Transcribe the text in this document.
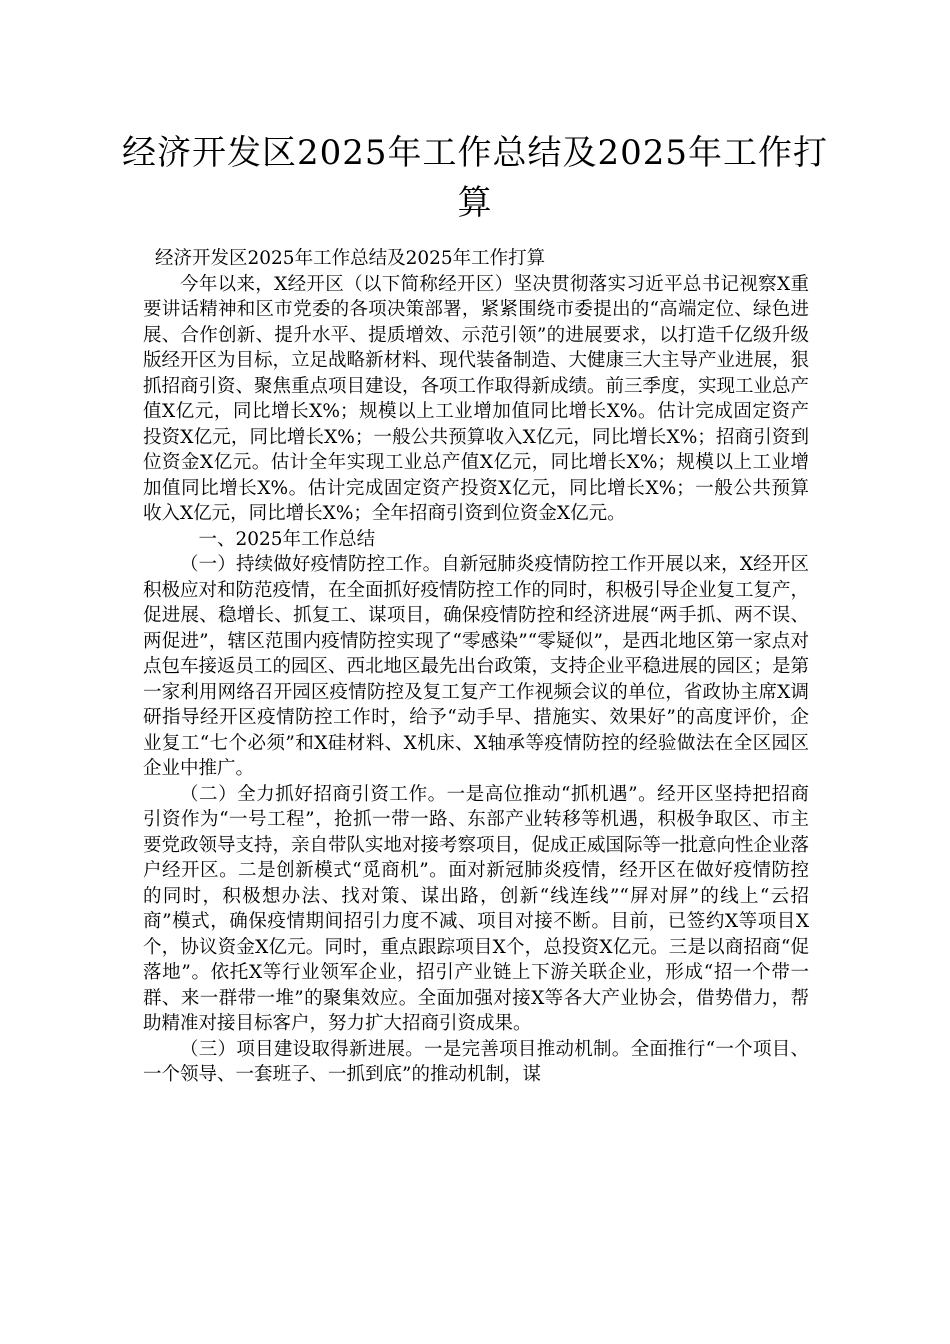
经济开发区2025年工作总结及2025年工作打算

经济开发区2025年工作总结及2025年工作打算

今年以来，X经开区（以下简称经开区）坚决贯彻落实习近平总书记视察X重要讲话精神和区市党委的各项决策部署，紧紧围绕市委提出的“高端定位、绿色进展、合作创新、提升水平、提质增效、示范引领”的进展要求，以打造千亿级升级版经开区为目标，立足战略新材料、现代装备制造、大健康三大主导产业进展，狠抓招商引资、聚焦重点项目建设，各项工作取得新成绩。前三季度，实现工业总产值X亿元，同比增长X%；规模以上工业增加值同比增长X%。估计完成固定资产投资X亿元，同比增长X%；一般公共预算收入X亿元，同比增长X%；招商引资到位资金X亿元。估计全年实现工业总产值X亿元，同比增长X%；规模以上工业增加值同比增长X%。估计完成固定资产投资X亿元，同比增长X%；一般公共预算收入X亿元，同比增长X%；全年招商引资到位资金X亿元。

一、2025年工作总结

（一）持续做好疫情防控工作。自新冠肺炎疫情防控工作开展以来，X经开区积极应对和防范疫情，在全面抓好疫情防控工作的同时，积极引导企业复工复产，促进展、稳增长、抓复工、谋项目，确保疫情防控和经济进展“两手抓、两不误、两促进”，辖区范围内疫情防控实现了“零感染”“零疑似”，是西北地区第一家点对点包车接返员工的园区、西北地区最先出台政策，支持企业平稳进展的园区；是第一家利用网络召开园区疫情防控及复工复产工作视频会议的单位，省政协主席X调研指导经开区疫情防控工作时，给予“动手早、措施实、效果好”的高度评价，企业复工“七个必须”和X硅材料、X机床、X轴承等疫情防控的经验做法在全区园区企业中推广。

（二）全力抓好招商引资工作。一是高位推动“抓机遇”。经开区坚持把招商引资作为“一号工程”，抢抓一带一路、东部产业转移等机遇，积极争取区、市主要党政领导支持，亲自带队实地对接考察项目，促成正威国际等一批意向性企业落户经开区。二是创新模式“觅商机”。面对新冠肺炎疫情，经开区在做好疫情防控的同时，积极想办法、找对策、谋出路，创新“线连线”“屏对屏”的线上“云招商”模式，确保疫情期间招引力度不减、项目对接不断。目前，已签约X等项目X个，协议资金X亿元。同时，重点跟踪项目X个，总投资X亿元。三是以商招商“促落地”。依托X等行业领军企业，招引产业链上下游关联企业，形成“招一个带一群、来一群带一堆”的聚集效应。全面加强对接X等各大产业协会，借势借力，帮助精准对接目标客户，努力扩大招商引资成果。

（三）项目建设取得新进展。一是完善项目推动机制。全面推行“一个项目、一个领导、一套班子、一抓到底”的推动机制，谋
